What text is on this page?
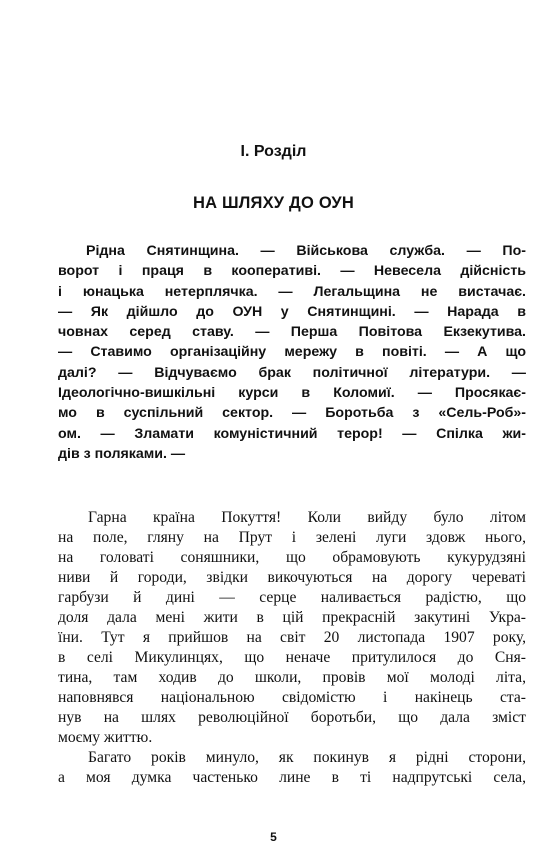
І. Розділ
НА ШЛЯХУ ДО ОУН
Рідна Снятинщина. — Військова служба. — По-
ворот і праця в кооперативі. — Невесела дійсність
і юнацька нетерплячка. — Легальщина не вистачає.
— Як дійшло до ОУН у Снятинщині. — Нарада в
човнах серед ставу. — Перша Повітова Екзекутива.
— Ставимо організаційну мережу в повіті. — А що
далі? — Відчуваємо брак політичної літератури. —
Ідеологічно-вишкільні курси в Коломиї. — Просякає-
мо в суспільний сектор. — Боротьба з «Сель-Роб»-
ом. — Зламати комуністичний терор! — Спілка жи-
дів з поляками. —
Гарна країна Покуття! Коли вийду було літом
на поле, гляну на Прут і зелені луги здовж нього,
на головаті соняшники, що обрамовують кукурудзяні
ниви й городи, звідки викочуються на дорогу череваті
гарбузи й дині — серце наливається радістю, що
доля дала мені жити в цій прекрасній закутині Укра-
їни. Тут я прийшов на світ 20 листопада 1907 року,
в селі Микулинцях, що неначе притулилося до Сня-
тина, там ходив до школи, провів мої молоді літа,
наповнявся національною свідомістю і накінець ста-
нув на шлях революційної боротьби, що дала зміст
моєму життю.
Багато років минуло, як покинув я рідні сторони,
а моя думка частенько лине в ті надпрутські села,
5
